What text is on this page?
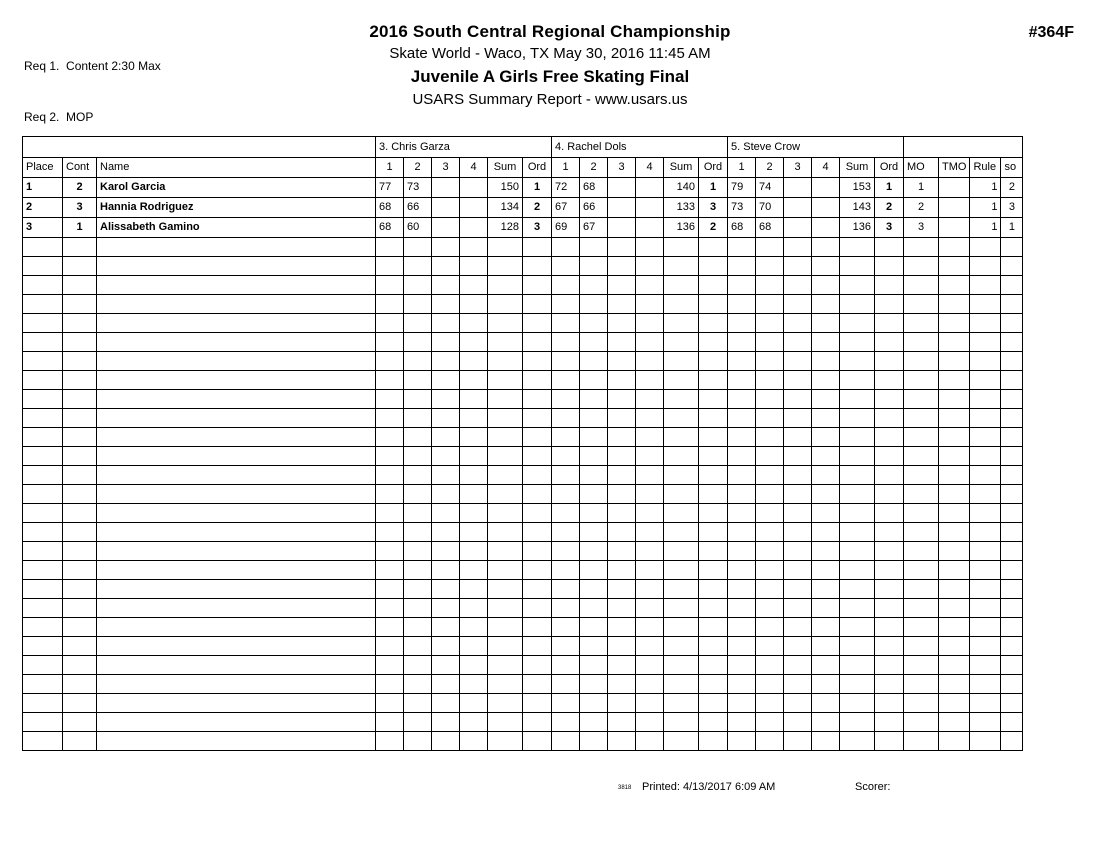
Req 1.  Content 2:30 Max

Req 2.  MOP

#364F
2016 South Central Regional Championship
Skate World - Waco, TX May 30, 2016 11:45 AM
Juvenile A Girls Free Skating Final
USARS Summary Report - www.usars.us
			3. Chris Garza						4. Rachel Dols						5. Steve Crow									
Place	Cont	Name	1	2	3	4	Sum	Ord	1	2	3	4	Sum	Ord	1	2	3	4	Sum	Ord	MO	TMO	Rule	so
1	2	Karol Garcia	77	73			150	1	72	68			140	1	79	74			153	1	1		1	2
2	3	Hannia Rodriguez	68	66			134	2	67	66			133	3	73	70			143	2	2		1	3
3	1	Alissabeth Gamino	68	60			128	3	69	67			136	2	68	68			136	3	3		1	1

3818 Printed: 4/13/2017 6:09 AM	Scorer:
